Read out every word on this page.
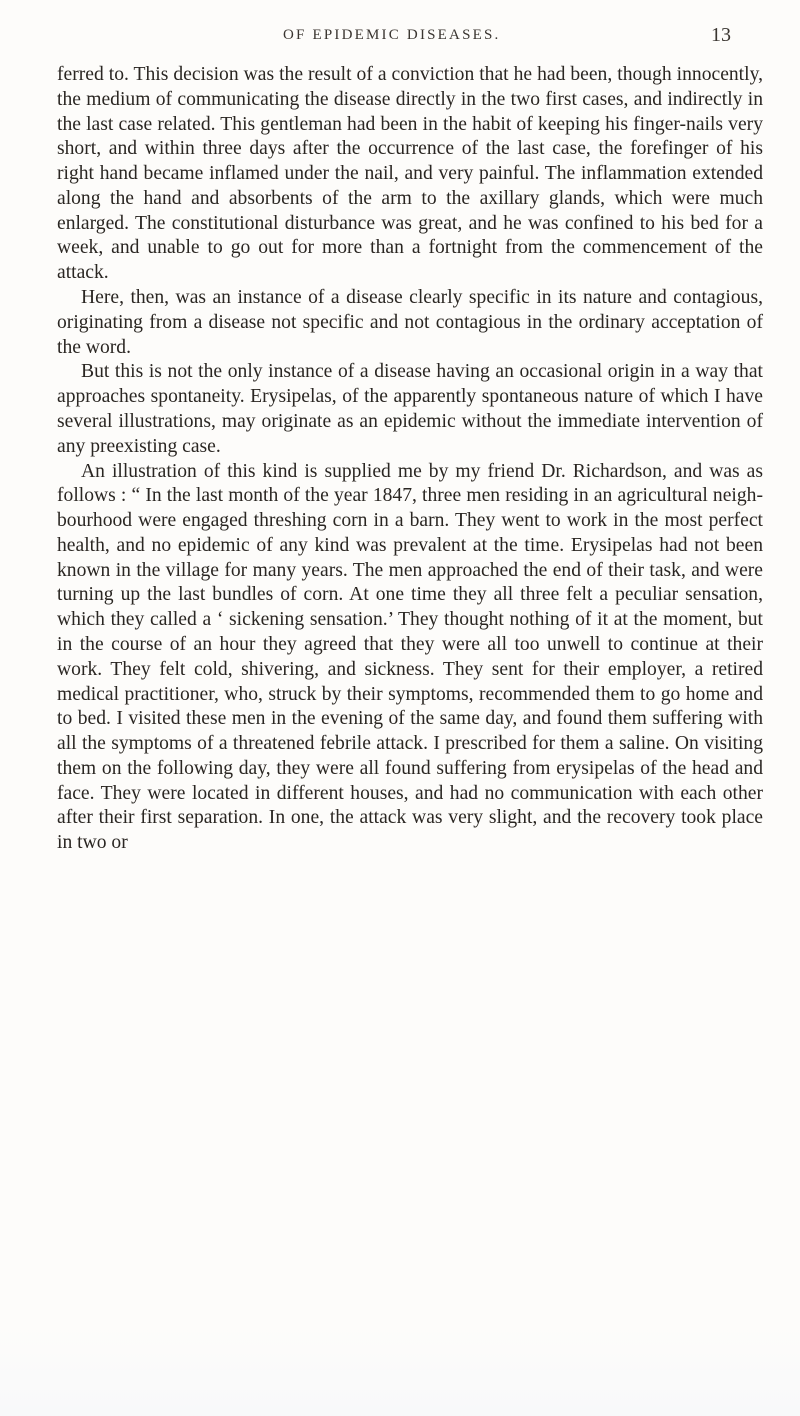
OF EPIDEMIC DISEASES.	13

ferred to. This decision was the result of a conviction that he had been, though innocently, the medium of communicating the disease directly in the two first cases, and indirectly in the last case related. This gentleman had been in the habit of keeping his finger-nails very short, and within three days after the occurrence of the last case, the forefinger of his right hand became inflamed under the nail, and very painful. The inflammation extended along the hand and absorbents of the arm to the axillary glands, which were much enlarged. The constitutional disturbance was great, and he was confined to his bed for a week, and unable to go out for more than a fortnight from the commencement of the attack.

Here, then, was an instance of a disease clearly specific in its nature and contagious, originating from a disease not specific and not contagious in the ordinary acceptation of the word.

But this is not the only instance of a disease having an occasional origin in a way that approaches spontaneity. Erysipelas, of the apparently spontaneous nature of which I have several illustrations, may originate as an epidemic without the immediate intervention of any preexisting case.

An illustration of this kind is supplied me by my friend Dr. Richardson, and was as follows : “ In the last month of the year 1847, three men residing in an agricultural neighbourhood were engaged threshing corn in a barn. They went to work in the most perfect health, and no epidemic of any kind was prevalent at the time. Erysipelas had not been known in the village for many years. The men approached the end of their task, and were turning up the last bundles of corn. At one time they all three felt a peculiar sensation, which they called a ‘ sickening sensation.’ They thought nothing of it at the moment, but in the course of an hour they agreed that they were all too unwell to continue at their work. They felt cold, shivering, and sickness. They sent for their employer, a retired medical practitioner, who, struck by their symptoms, recommended them to go home and to bed. I visited these men in the evening of the same day, and found them suffering with all the symptoms of a threatened febrile attack. I prescribed for them a saline. On visiting them on the following day, they were all found suffering from erysipelas of the head and face. They were located in different houses, and had no communication with each other after their first separation. In one, the attack was very slight, and the recovery took place in two or
